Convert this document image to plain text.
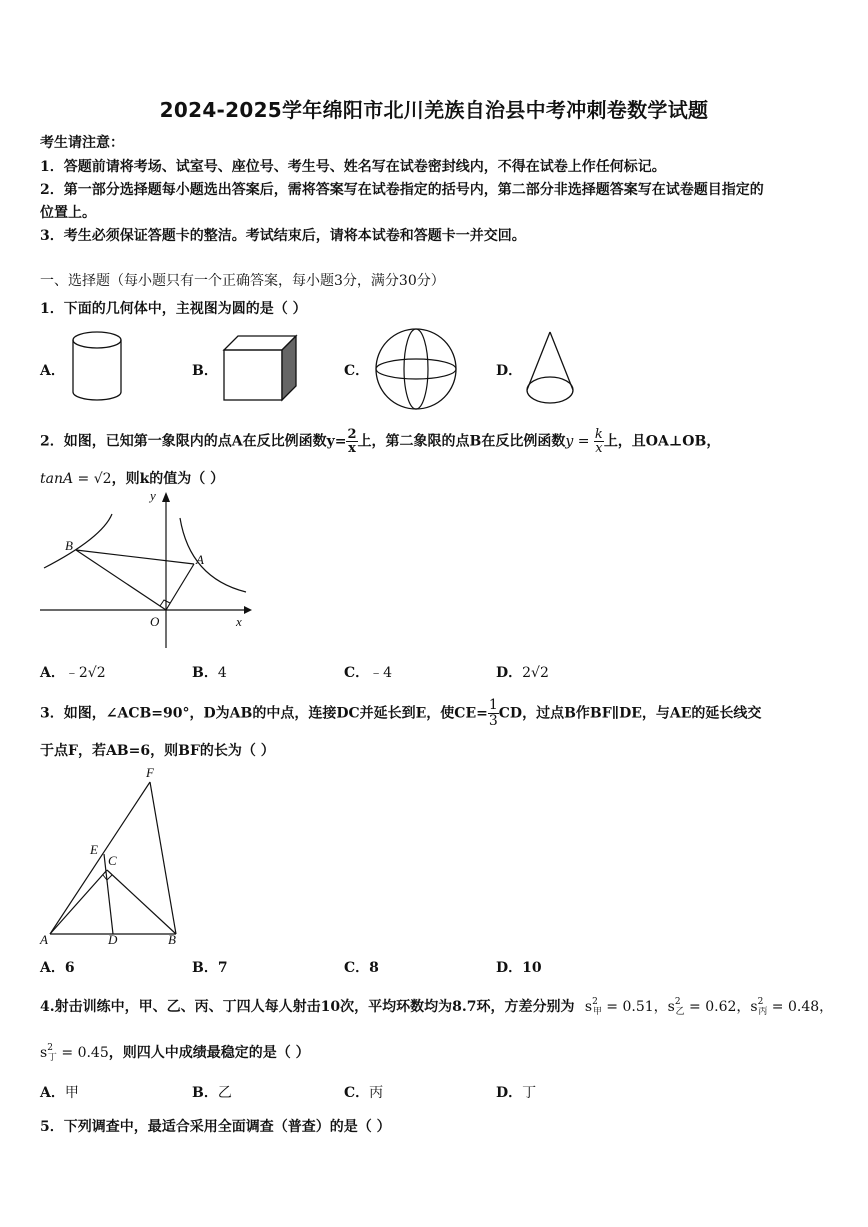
2024-2025学年绵阳市北川羌族自治县中考冲刺卷数学试题
考生请注意：
1．答题前请将考场、试室号、座位号、考生号、姓名写在试卷密封线内，不得在试卷上作任何标记。
2．第一部分选择题每小题选出答案后，需将答案写在试卷指定的括号内，第二部分非选择题答案写在试卷题目指定的
位置上。
3．考生必须保证答题卡的整洁。考试结束后，请将本试卷和答题卡一并交回。
一、选择题（每小题只有一个正确答案，每小题3分，满分30分）
1．下面的几何体中，主视图为圆的是（ ）
A．	B．	C．	D．
2．如图，已知第一象限内的点A在反比例函数$y= \frac{2}{x}$ 上，第二象限的点B在反比例函数$y = \frac{k}{x}$ 上，且OA⊥OB，
tanA = √2，则k的值为（ ）
y
x
O
A
B
A．﹣2√2	B．4	C．﹣4	D．2√2
3．如图，∠ACB=90°，D为AB的中点，连接DC并延长到E，使$CE= \frac{1}{3}$ CD，过点B作BF∥DE，与AE的延长线交
于点F，若AB=6，则BF的长为（ ）
F
E
C
A	D	B
A．6	B．7	C．8	D．10
4.射击训练中，甲、乙、丙、丁四人每人射击10次，平均环数均为8.7环，方差分别为 $s^2_甲 = 0.51$，$s^2_乙 = 0.62$，$s^2_丙 = 0.48$，
$s^2_丁 = 0.45$，则四人中成绩最稳定的是（ ）
A．甲	B．乙	C．丙	D．丁
5．下列调查中，最适合采用全面调查（普查）的是（ ）
